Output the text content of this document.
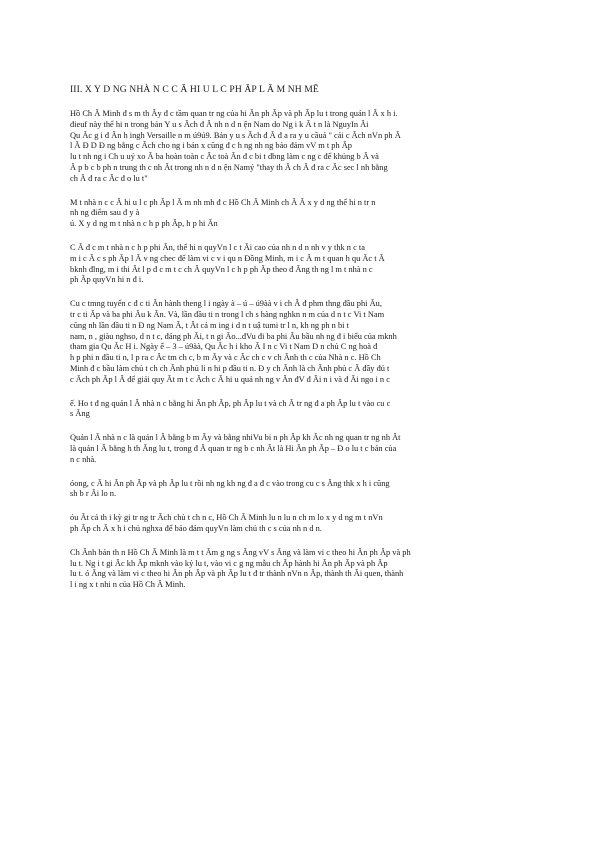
III. X Y D NG NHÀ N C C Ă HI U L C PH ĂP L Ă M NH MẼ
Hồ Ch Ă Minh đ s m th Ăy đ c tầm quan tr ng của hi Ăn ph Ăp và ph Ăp lu t trong quản l Ă x h i.
đieuf này thể hi n trong bản Y u s Ăch đ Ă nh n d n ện Nam do Ng i k Ă t n là NguyIn Ăi
Qu Ăc g i đ Ăn h ingh Versaille n m ú9ú9. Bản y u s Ăch đ Ă đ a ra y u cầuả " cải c Ăch nVn ph Ă
l Ă Đ D Đ ng bằng c Ăch cho ng i bản x cũng đ c h ng nh ng bảo đảm vV m t ph Ăp
lu t nh ng i Ch u uý xo Ă ba hoàn toàn c Ăc toà Ăn đ c bi t dbng làm c ng c để khủng b Ă và
Ă p b c b ph n trung th c nh Ăt trong nh n d n ện Namý "thay th Ă ch Ă đ ra c Ăc sec l nh bằng
ch Ă đ ra c Ăc đ o lu t"
M t nhà n c c Ă hi u l c ph Ăp l Ă m nh mh đ c Hồ Ch Ă Minh ch Ă Ă x y d ng thể hi n tr n
nh ng điểm sau đ y à
ú. X y d ng m t nhà n c h p ph Ăp, h p hi Ăn
C Ă đ c m t nhà n c h p phi Ăn, thể hi n quyVn l c t Ăi cao của nh n d n nh v y thk n c ta
m i c Ă c s ph Ăp l Ă v ng chec để làm vi c v i qu n Đồng Minh, m i c Ă m t quan h qu Ăc t Ă
bknh đlng, m i thi Ăt l p đ c m t c ch Ă quyVn l c h p ph Ăp theo đ Ăng th ng l m t nhà n c
ph Ăp quyVn hi n đ i.
Cu c tmng tuyển c đ c ti Ăn hành theng l i ngày à – ú – ú9àà v i ch Ă đ phm thng đầu phi Ău,
tr c ti Ăp và ba phi Ău k Ăn. Và, lần đầu ti n trong l ch s hàng nghkn n m của d n t c Vi t Nam
cũng nh lần đầu ti n Đ ng Nam Ă, t Ăt cả m ing i d n t uậ tumi tr l n, kh ng ph n bi t
nam, n , giàu nghso, d n t c, đảng ph Ăi, t n gi Ăo...đVu đi ba phi Ău bầu nh ng đ i biểu của mknh
tham gia Qu Ăc H i. Ngày ế – 3 – ú9àà, Qu Ăc h i kho Ă I n c Vi t Nam D n chủ C ng hoà đ
h p phi n đầu ti n, l p ra c Ăc tm ch c, b m Ăy và c Ăc ch c v ch Ănh th c của Nhà n c. Hồ Ch
Minh đ c bầu làm chủ t ch ch Ănh phủ li n hi p đầu ti n. Đ y ch Ănh là ch Ănh phủ c Ă đầy đủ t
c Ăch ph Ăp l Ă để giải quy Ăt m t c Ăch c Ă hi u quả nh ng v Ăn đV đ Ăi n i và đ Ăi ngo i n c
ế. Ho t đ ng quản l Ă nhà n c bằng hi Ăn ph Ăp, ph Ăp lu t và ch Ă tr ng đ a ph Ăp lu t vào cu c
s Ăng
Quản l Ă nhà n c là quản l Ă bằng b m Ăy và bằng nhiVu bi n ph Ăp kh Ăc nh ng quan tr ng nh Ăt
là quản l Ă bằng h th Ăng lu t, trong đ Ă quan tr ng b c nh Ăt là Hi Ăn ph Ăp – Đ o lu t c bản của
n c nhà.
óong, c Ă hi Ăn ph Ăp và ph Ăp lu t rồi nh ng kh ng đ a đ c vào trong cu c s Ăng thk x h i cũng
sh b r Ăi lo n.
óu Ăt cả th i kỳ gi tr ng tr Ăch chủ t ch n c, Hồ Ch Ă Minh lu n lu n ch m lo x y d ng m t nVn
ph Ăp ch Ă x h i chủ nghxa để bảo đảm quyVn làm chủ th c s của nh n d n.
Ch Ănh bản th n Hồ Ch Ă Minh là m t t Ăm g ng s Ăng vV s Ăng và làm vi c theo hi Ăn ph Ăp và ph
lu t. Ng i t gi Ăc kh Ăp mknh vào kỷ lu t, vào vi c g ng mẫu ch Ăp hành hi Ăn ph Ăp và ph Ăp
lu t. ó Ăng và làm vi c theo hi Ăn ph Ăp và ph Ăp lu t đ tr thành nVn n Ăp, thành th Ăi quen, thành
l i ng x t nhi n của Hồ Ch Ă Minh.
